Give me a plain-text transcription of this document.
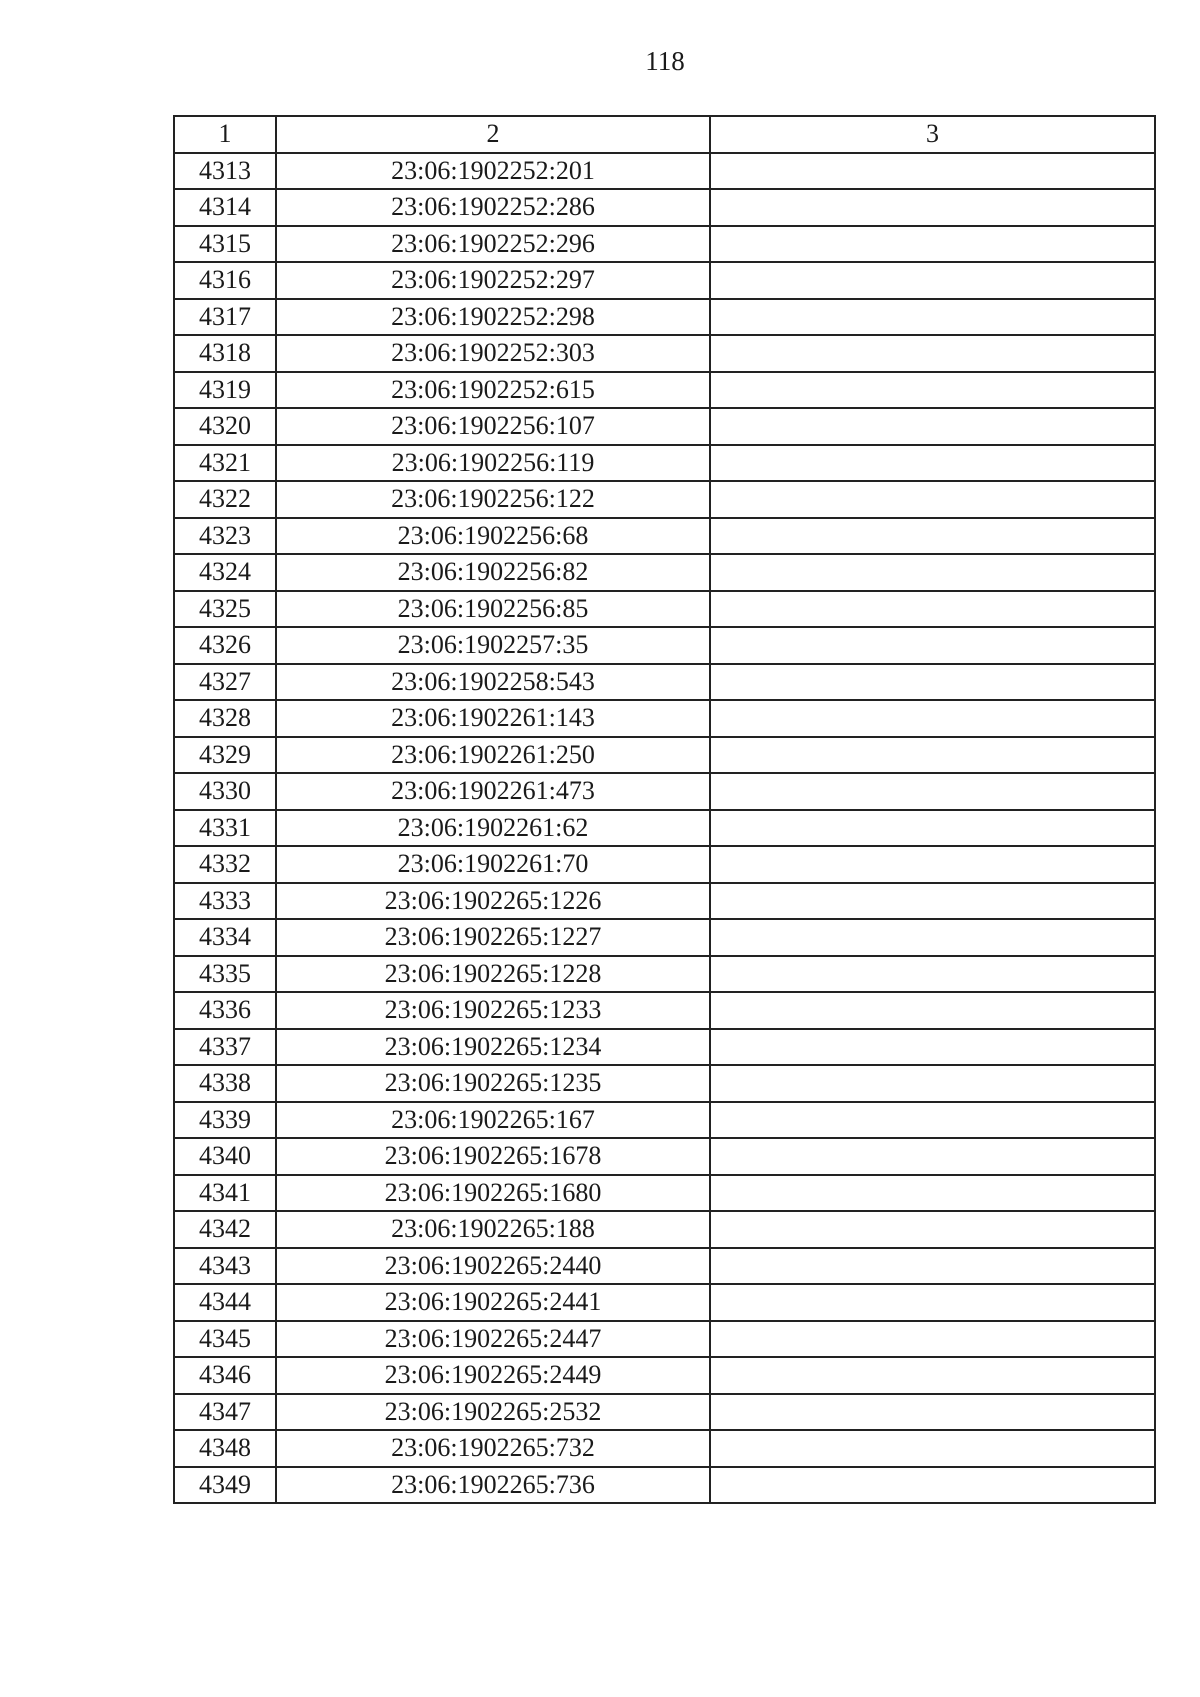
118
1	2	3
4313	23:06:1902252:201	
4314	23:06:1902252:286	
4315	23:06:1902252:296	
4316	23:06:1902252:297	
4317	23:06:1902252:298	
4318	23:06:1902252:303	
4319	23:06:1902252:615	
4320	23:06:1902256:107	
4321	23:06:1902256:119	
4322	23:06:1902256:122	
4323	23:06:1902256:68	
4324	23:06:1902256:82	
4325	23:06:1902256:85	
4326	23:06:1902257:35	
4327	23:06:1902258:543	
4328	23:06:1902261:143	
4329	23:06:1902261:250	
4330	23:06:1902261:473	
4331	23:06:1902261:62	
4332	23:06:1902261:70	
4333	23:06:1902265:1226	
4334	23:06:1902265:1227	
4335	23:06:1902265:1228	
4336	23:06:1902265:1233	
4337	23:06:1902265:1234	
4338	23:06:1902265:1235	
4339	23:06:1902265:167	
4340	23:06:1902265:1678	
4341	23:06:1902265:1680	
4342	23:06:1902265:188	
4343	23:06:1902265:2440	
4344	23:06:1902265:2441	
4345	23:06:1902265:2447	
4346	23:06:1902265:2449	
4347	23:06:1902265:2532	
4348	23:06:1902265:732	
4349	23:06:1902265:736	
